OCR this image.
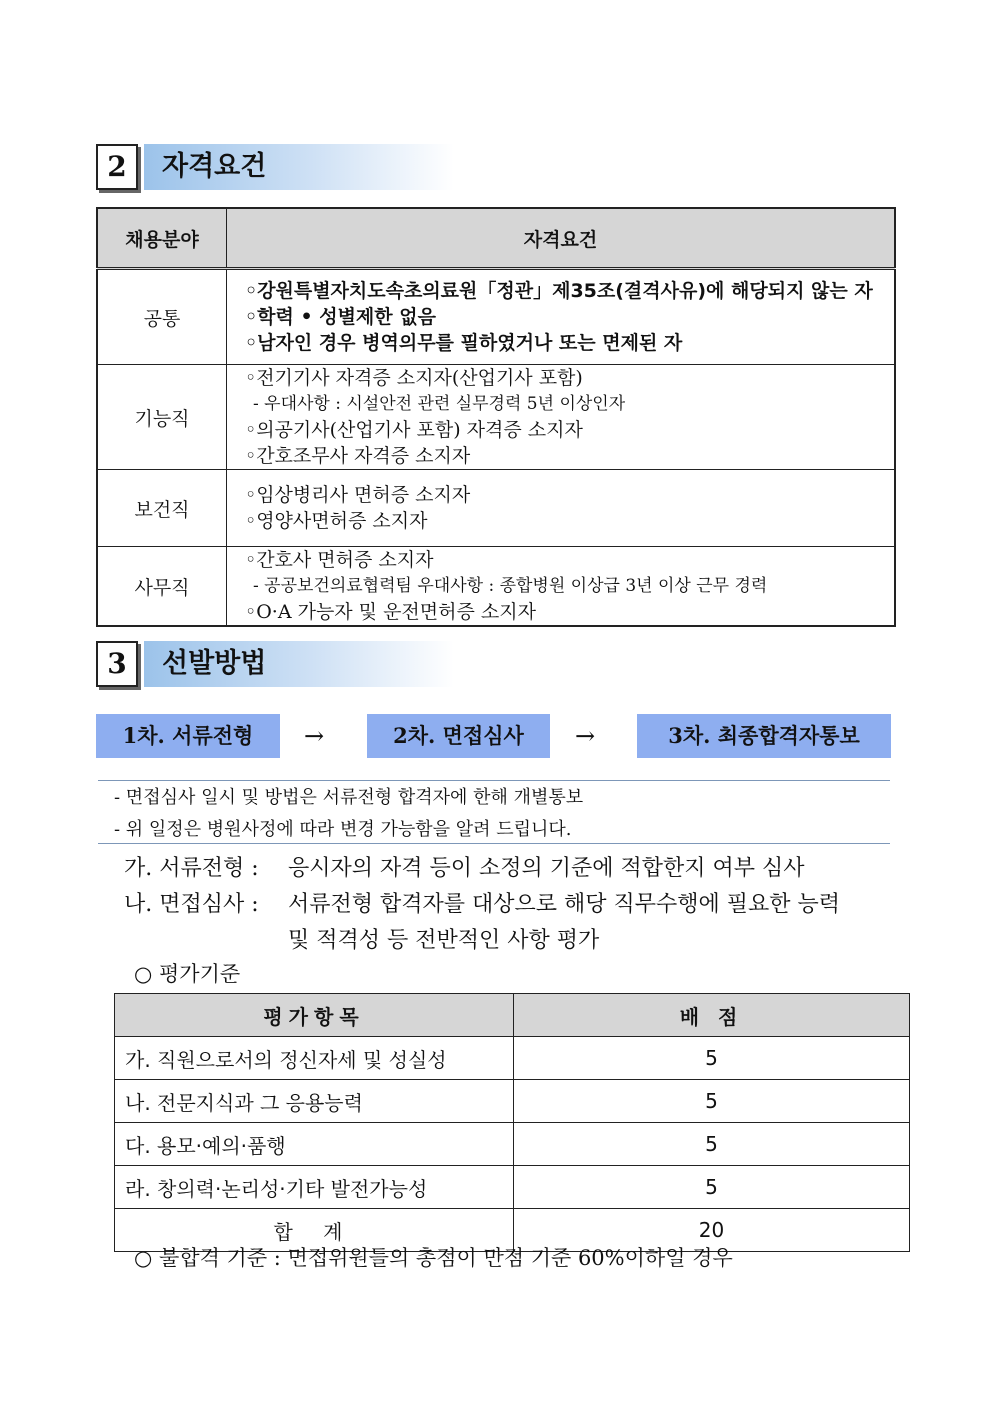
2	자격요건
채용분야	자격요건
공통	◦강원특별자치도속초의료원「정관」제35조(결격사유)에 해당되지 않는 자
◦학력 • 성별제한 없음
◦남자인 경우 병역의무를 필하였거나 또는 면제된 자

기능직	◦전기기사 자격증 소지자(산업기사 포함)
- 우대사항 : 시설안전 관련 실무경력 5년 이상인자
◦의공기사(산업기사 포함) 자격증 소지자
◦간호조무사 자격증 소지자

보건직	◦임상병리사 면허증 소지자
◦영양사면허증 소지자

사무직	◦간호사 면허증 소지자
- 공공보건의료협력팀 우대사항 : 종합병원 이상급 3년 이상 근무 경력
◦O·A 가능자 및 운전면허증 소지자
3	선발방법
1차. 서류전형	→	2차. 면접심사	→	3차. 최종합격자통보
- 면접심사 일시 및 방법은 서류전형 합격자에 한해 개별통보
- 위 일정은 병원사정에 따라 변경 가능함을 알려 드립니다.
가. 서류전형 : 응시자의 자격 등이 소정의 기준에 적합한지 여부 심사
나. 면접심사 : 서류전형 합격자를 대상으로 해당 직무수행에 필요한 능력
및 적격성 등 전반적인 사항 평가
○ 평가기준
평가항목	배 점
가. 직원으로서의 정신자세 및 성실성	5
나. 전문지식과 그 응용능력	5
다. 용모·예의·품행	5
라. 창의력·논리성·기타 발전가능성	5
합 계	20
○ 불합격 기준 : 면접위원들의 총점이 만점 기준 60%이하일 경우
